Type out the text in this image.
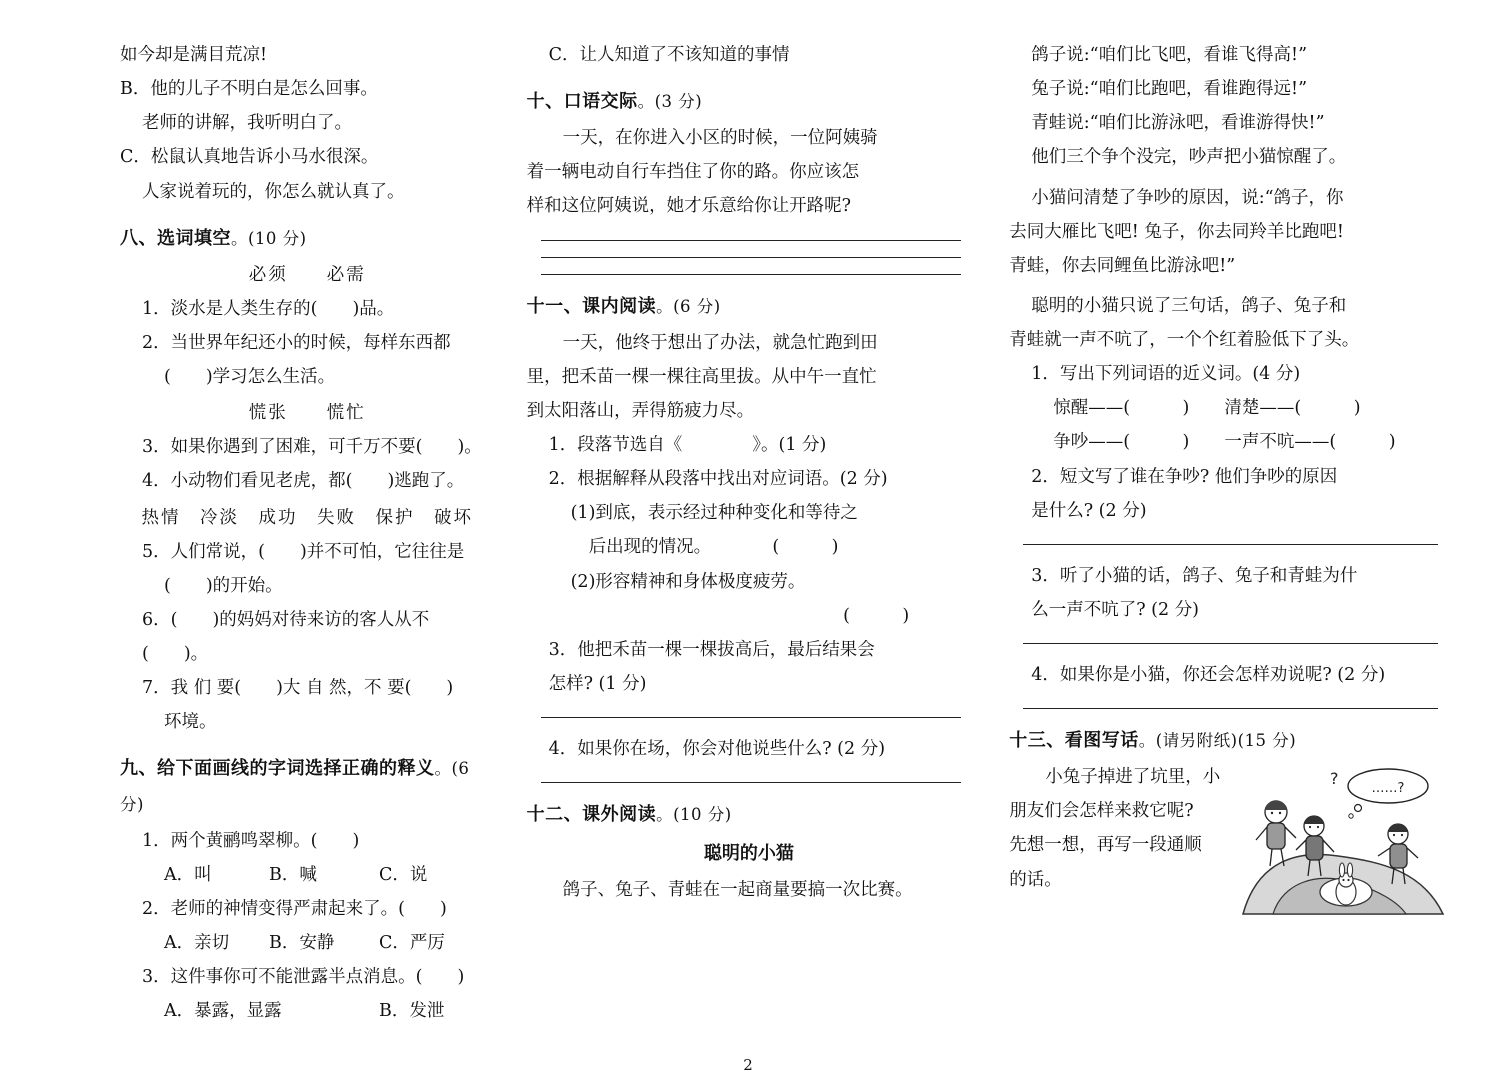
如今却是满目荒凉!
B．他的儿子不明白是怎么回事。
老师的讲解，我听明白了。
C．松鼠认真地告诉小马水很深。
人家说着玩的，你怎么就认真了。
八、选词填空。(10 分)
必须　　必需
1．淡水是人类生存的(　　)品。
2．当世界年纪还小的时候，每样东西都
(　　)学习怎么生活。
慌张　　慌忙
3．如果你遇到了困难，可千万不要(　　)。
4．小动物们看见老虎，都(　　)逃跑了。
热情　冷淡　成功　失败　保护　破坏
5．人们常说，(　　)并不可怕，它往往是
(　　)的开始。
6．(　　)的妈妈对待来访的客人从不(　　)。
7．我 们 要(　　)大 自 然，不 要(　　)
环境。
九、给下面画线的字词选择正确的释义。(6 分)
1．两个黄鹂鸣翠柳。(　　)
A．叫	B．喊	C．说
2．老师的神情变得严肃起来了。(　　)
A．亲切	B．安静	C．严厉
3．这件事你可不能泄露半点消息。(　　)
A．暴露，显露	B．发泄
C．让人知道了不该知道的事情
十、口语交际。(3 分)
一天，在你进入小区的时候，一位阿姨骑
着一辆电动自行车挡住了你的路。你应该怎
样和这位阿姨说，她才乐意给你让开路呢?
十一、课内阅读。(6 分)
一天，他终于想出了办法，就急忙跑到田
里，把禾苗一棵一棵往高里拔。从中午一直忙
到太阳落山，弄得筋疲力尽。
1．段落节选自《　　　　》。(1 分)
2．根据解释从段落中找出对应词语。(2 分)
(1)到底，表示经过种种变化和等待之
后出现的情况。　　　　(　　　)
(2)形容精神和身体极度疲劳。
(　　　)
3．他把禾苗一棵一棵拔高后，最后结果会
怎样? (1 分)
4．如果你在场，你会对他说些什么? (2 分)
十二、课外阅读。(10 分)
聪明的小猫
鸽子、兔子、青蛙在一起商量要搞一次比赛。
鸽子说:“咱们比飞吧，看谁飞得高!”
兔子说:“咱们比跑吧，看谁跑得远!”
青蛙说:“咱们比游泳吧，看谁游得快!”
他们三个争个没完，吵声把小猫惊醒了。
小猫问清楚了争吵的原因，说:“鸽子，你
去同大雁比飞吧! 兔子，你去同羚羊比跑吧!
青蛙，你去同鲤鱼比游泳吧!”
聪明的小猫只说了三句话，鸽子、兔子和
青蛙就一声不吭了，一个个红着脸低下了头。
1．写出下列词语的近义词。(4 分)
惊醒——(　　　)　　清楚——(　　　)
争吵——(　　　)　　一声不吭——(　　　)
2．短文写了谁在争吵? 他们争吵的原因
是什么? (2 分)
3．听了小猫的话，鸽子、兔子和青蛙为什
么一声不吭了? (2 分)
4．如果你是小猫，你还会怎样劝说呢? (2 分)
十三、看图写话。(请另附纸)(15 分)
……?
?
小兔子掉进了坑里，小
朋友们会怎样来救它呢?
先想一想，再写一段通顺
的话。
2
